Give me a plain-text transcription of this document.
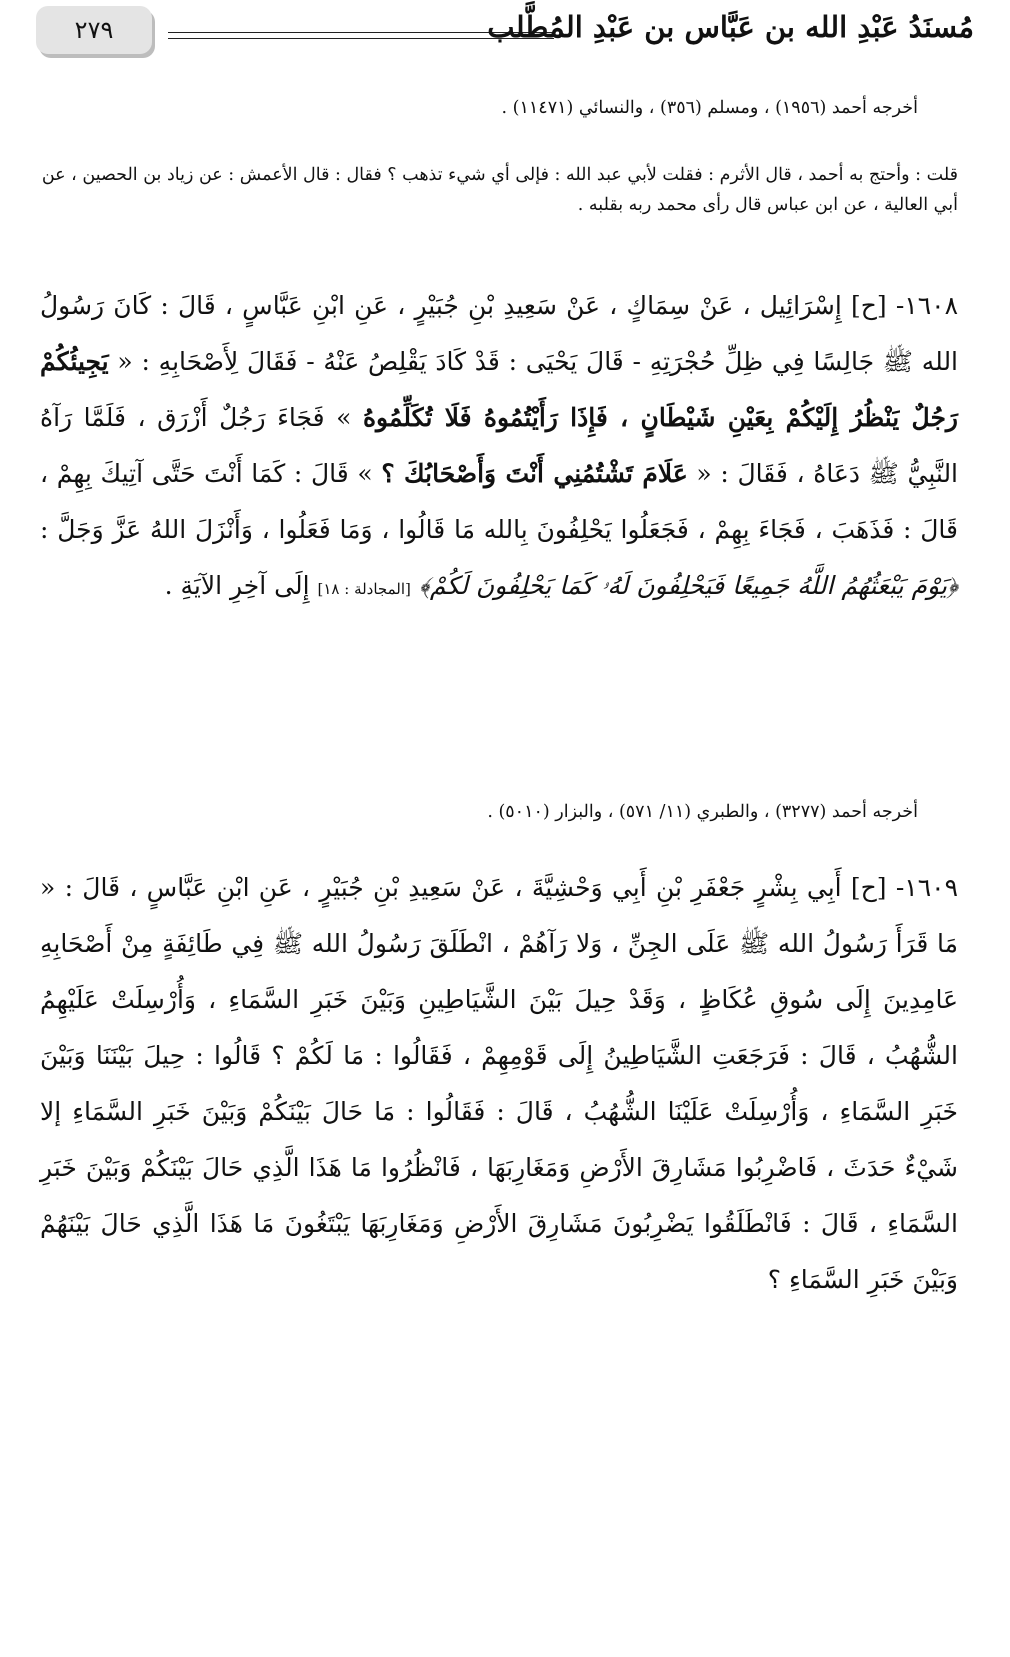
٢٧٩	مُسنَدُ عَبْدِ الله بن عَبَّاس بن عَبْدِ المُطَّلب
أخرجه أحمد (١٩٥٦) ، ومسلم (٣٥٦) ، والنسائي (١١٤٧١) .
قلت : وأحتج به أحمد ، قال الأثرم : فقلت لأبي عبد الله : فإلى أي شيء تذهب ؟ فقال : قال الأعمش : عن زياد بن الحصين ، عن أبي العالية ، عن ابن عباس قال رأى محمد ربه بقلبه .

١٦٠٨- [ح] إِسْرَائِيل ، عَنْ سِمَاكٍ ، عَنْ سَعِيدِ بْنِ جُبَيْرٍ ، عَنِ ابْنِ عَبَّاسٍ ، قَالَ : كَانَ رَسُولُ الله ﷺ جَالِسًا فِي ظِلِّ حُجْرَتِهِ - قَالَ يَحْيَى : قَدْ كَادَ يَقْلِصُ عَنْهُ - فَقَالَ لِأَصْحَابِهِ : « يَجِيئُكُمْ رَجُلٌ يَنْظُرُ إِلَيْكُمْ بِعَيْنِ شَيْطَانٍ ، فَإِذَا رَأَيْتُمُوهُ فَلَا تُكَلِّمُوهُ » فَجَاءَ رَجُلٌ أَزْرَق ، فَلَمَّا رَآهُ النَّبِيُّ ﷺ دَعَاهُ ، فَقَالَ : « عَلَامَ تَشْتُمُنِي أَنْتَ وَأَصْحَابُكَ ؟ » قَالَ : كَمَا أَنْتَ حَتَّى آتِيكَ بِهِمْ ، قَالَ : فَذَهَبَ ، فَجَاءَ بِهِمْ ، فَجَعَلُوا يَحْلِفُونَ بِالله مَا قَالُوا ، وَمَا فَعَلُوا ، وَأَنْزَلَ اللهُ عَزَّ وَجَلَّ : ﴿يَوْمَ يَبْعَثُهُمُ اللَّهُ جَمِيعًا فَيَحْلِفُونَ لَهُۥ كَمَا يَحْلِفُونَ لَكُمْ﴾ [المجادلة : ١٨] إِلَى آخِرِ الآيَةِ .

أخرجه أحمد (٣٢٧٧) ، والطبري (١١/ ٥٧١) ، والبزار (٥٠١٠) .

١٦٠٩- [ح] أَبِي بِشْرٍ جَعْفَرِ بْنِ أَبِي وَحْشِيَّةَ ، عَنْ سَعِيدِ بْنِ جُبَيْرٍ ، عَنِ ابْنِ عَبَّاسٍ ، قَالَ : « مَا قَرَأَ رَسُولُ الله ﷺ عَلَى الجِنِّ ، وَلا رَآهُمْ ، انْطَلَقَ رَسُولُ الله ﷺ فِي طَائِفَةٍ مِنْ أَصْحَابِهِ عَامِدِينَ إِلَى سُوقِ عُكَاظٍ ، وَقَدْ حِيلَ بَيْنَ الشَّيَاطِينِ وَبَيْنَ خَبَرِ السَّمَاءِ ، وَأُرْسِلَتْ عَلَيْهِمُ الشُّهُبُ ، قَالَ : فَرَجَعَتِ الشَّيَاطِينُ إِلَى قَوْمِهِمْ ، فَقَالُوا : مَا لَكُمْ ؟ قَالُوا : حِيلَ بَيْنَنَا وَبَيْنَ خَبَرِ السَّمَاءِ ، وَأُرْسِلَتْ عَلَيْنَا الشُّهُبُ ، قَالَ : فَقَالُوا : مَا حَالَ بَيْنَكُمْ وَبَيْنَ خَبَرِ السَّمَاءِ إلا شَيْءٌ حَدَثَ ، فَاضْرِبُوا مَشَارِقَ الأَرْضِ وَمَغَارِبَهَا ، فَانْظُرُوا مَا هَذَا الَّذِي حَالَ بَيْنَكُمْ وَبَيْنَ خَبَرِ السَّمَاءِ ، قَالَ : فَانْطَلَقُوا يَضْرِبُونَ مَشَارِقَ الأَرْضِ وَمَغَارِبَهَا يَبْتَغُونَ مَا هَذَا الَّذِي حَالَ بَيْنَهُمْ وَبَيْنَ خَبَرِ السَّمَاءِ ؟
